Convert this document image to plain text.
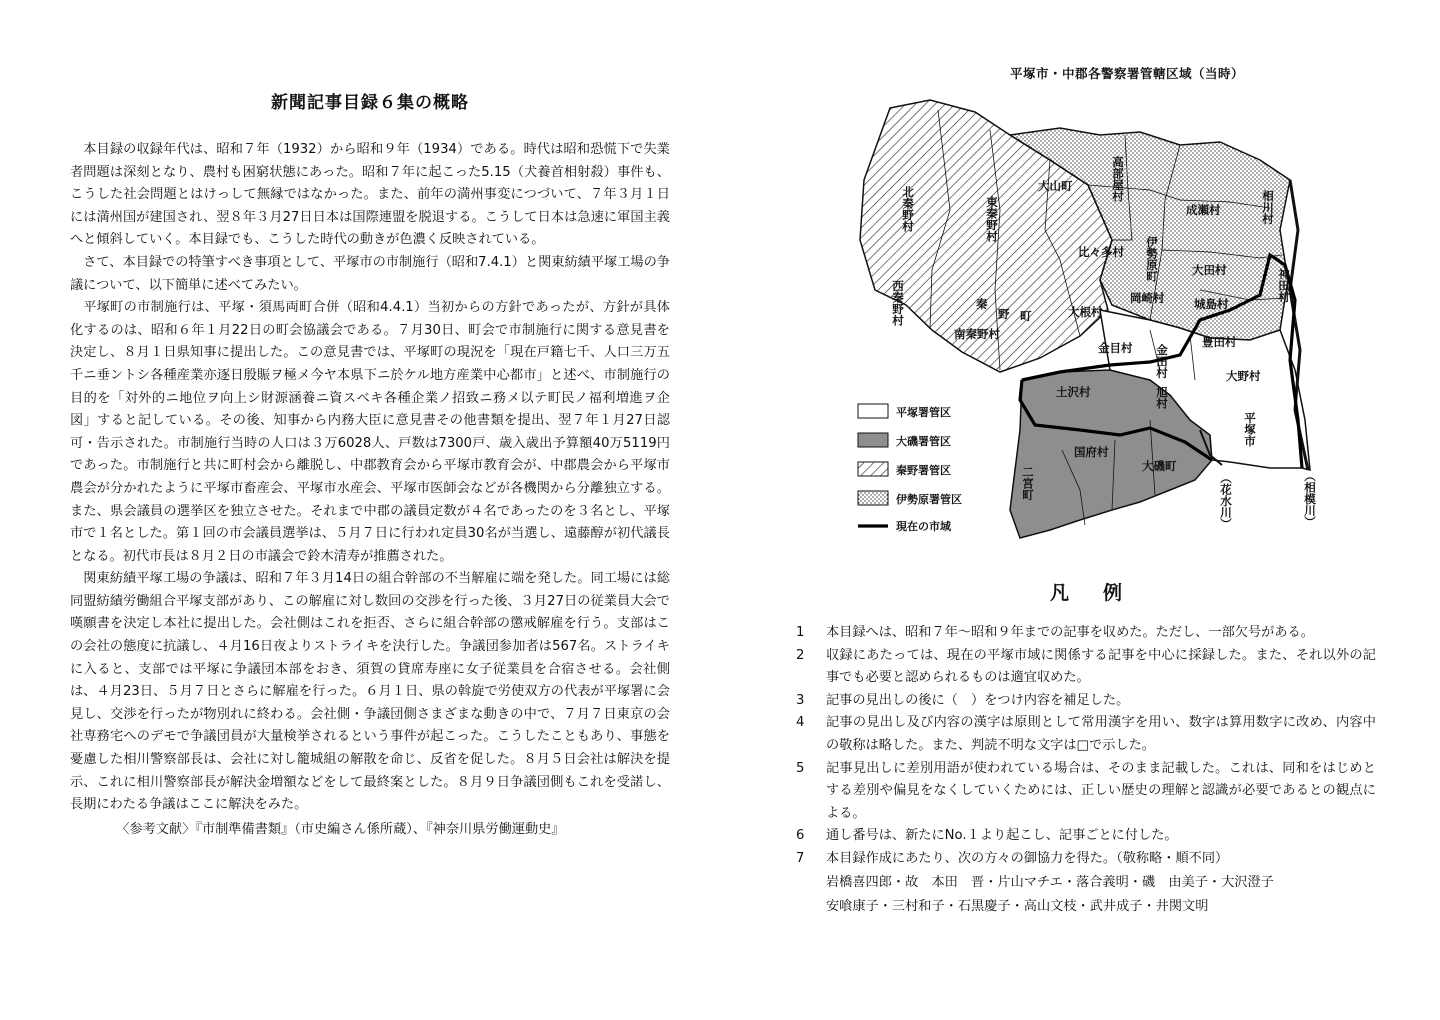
新聞記事目録６集の概略

本目録の収録年代は、昭和７年（1932）から昭和９年（1934）である。時代は昭和恐慌下で失業者問題は深刻となり、農村も困窮状態にあった。昭和７年に起こった5.15（犬養首相射殺）事件も、こうした社会問題とはけっして無縁ではなかった。また、前年の満州事変につづいて、７年３月１日には満州国が建国され、翌８年３月27日日本は国際連盟を脱退する。こうして日本は急速に軍国主義へと傾斜していく。本目録でも、こうした時代の動きが色濃く反映されている。

さて、本目録での特筆すべき事項として、平塚市の市制施行（昭和7.4.1）と関東紡績平塚工場の争議について、以下簡単に述べてみたい。

平塚町の市制施行は、平塚・須馬両町合併（昭和4.4.1）当初からの方針であったが、方針が具体化するのは、昭和６年１月22日の町会協議会である。７月30日、町会で市制施行に関する意見書を決定し、８月１日県知事に提出した。この意見書では、平塚町の現況を「現在戸籍七千、人口三万五千ニ垂ントシ各種産業亦逐日殷賑ヲ極メ今ヤ本県下ニ於ケル地方産業中心都市」と述べ、市制施行の目的を「対外的ニ地位ヲ向上シ財源涵養ニ資スベキ各種企業ノ招致ニ務メ以テ町民ノ福利増進ヲ企図」すると記している。その後、知事から内務大臣に意見書その他書類を提出、翌７年１月27日認可・告示された。市制施行当時の人口は３万6028人、戸数は7300戸、歳入歳出予算額40万5119円であった。市制施行と共に町村会から離脱し、中郡教育会から平塚市教育会が、中郡農会から平塚市農会が分かれたように平塚市畜産会、平塚市水産会、平塚市医師会などが各機関から分離独立する。また、県会議員の選挙区を独立させた。それまで中郡の議員定数が４名であったのを３名とし、平塚市で１名とした。第１回の市会議員選挙は、５月７日に行われ定員30名が当選し、遠藤醇が初代議長となる。初代市長は８月２日の市議会で鈴木清寿が推薦された。

関東紡績平塚工場の争議は、昭和７年３月14日の組合幹部の不当解雇に端を発した。同工場には総同盟紡績労働組合平塚支部があり、この解雇に対し数回の交渉を行った後、３月27日の従業員大会で嘆願書を決定し本社に提出した。会社側はこれを拒否、さらに組合幹部の懲戒解雇を行う。支部はこの会社の態度に抗議し、４月16日夜よりストライキを決行した。争議団参加者は567名。ストライキに入ると、支部では平塚に争議団本部をおき、須賀の貸席寿座に女子従業員を合宿させる。会社側は、４月23日、５月７日とさらに解雇を行った。６月１日、県の斡旋で労使双方の代表が平塚署に会見し、交渉を行ったが物別れに終わる。会社側・争議団側さまざまな動きの中で、７月７日東京の会社専務宅へのデモで争議団員が大量検挙されるという事件が起こった。こうしたこともあり、事態を憂慮した相川警察部長は、会社に対し籠城組の解散を命じ、反省を促した。８月５日会社は解決を提示、これに相川警察部長が解決金増額などをして最終案とした。８月９日争議団側もこれを受諾し、長期にわたる争議はここに解決をみた。

〈参考文献〉『市制準備書類』（市史編さん係所蔵）、『神奈川県労働運動史』

平塚市・中郡各警察署管轄区域（当時）
北秦野村	東秦野村
西秦野村	秦
野 町
南秦野村
大山町	高部屋村
成瀬村	相川村
比々多村 伊勢原町	大田村	神田村
城島村
大根村
岡崎村
金目村 金田村
豊田村
大野村
土沢村	旭村
平塚市
国府村
二宮町	大磯町
（花水川）	（相模川）
平塚署管区
大磯署管区
秦野署管区
伊勢原署管区
現在の市域
凡例
1	本目録へは、昭和７年～昭和９年までの記事を収めた。ただし、一部欠号がある。
2	収録にあたっては、現在の平塚市域に関係する記事を中心に採録した。また、それ以外の記事でも必要と認められるものは適宜収めた。
3	記事の見出しの後に（　）をつけ内容を補足した。
4	記事の見出し及び内容の漢字は原則として常用漢字を用い、数字は算用数字に改め、内容中の敬称は略した。また、判読不明な文字は□で示した。
5	記事見出しに差別用語が使われている場合は、そのまま記載した。これは、同和をはじめとする差別や偏見をなくしていくためには、正しい歴史の理解と認識が必要であるとの観点による。
6	通し番号は、新たにNo.１より起こし、記事ごとに付した。
7	本目録作成にあたり、次の方々の御協力を得た。（敬称略・順不同）
岩橋喜四郎・故　本田　晋・片山マチエ・落合義明・磯　由美子・大沢澄子
安喰康子・三村和子・石黒慶子・高山文枝・武井成子・井関文明
